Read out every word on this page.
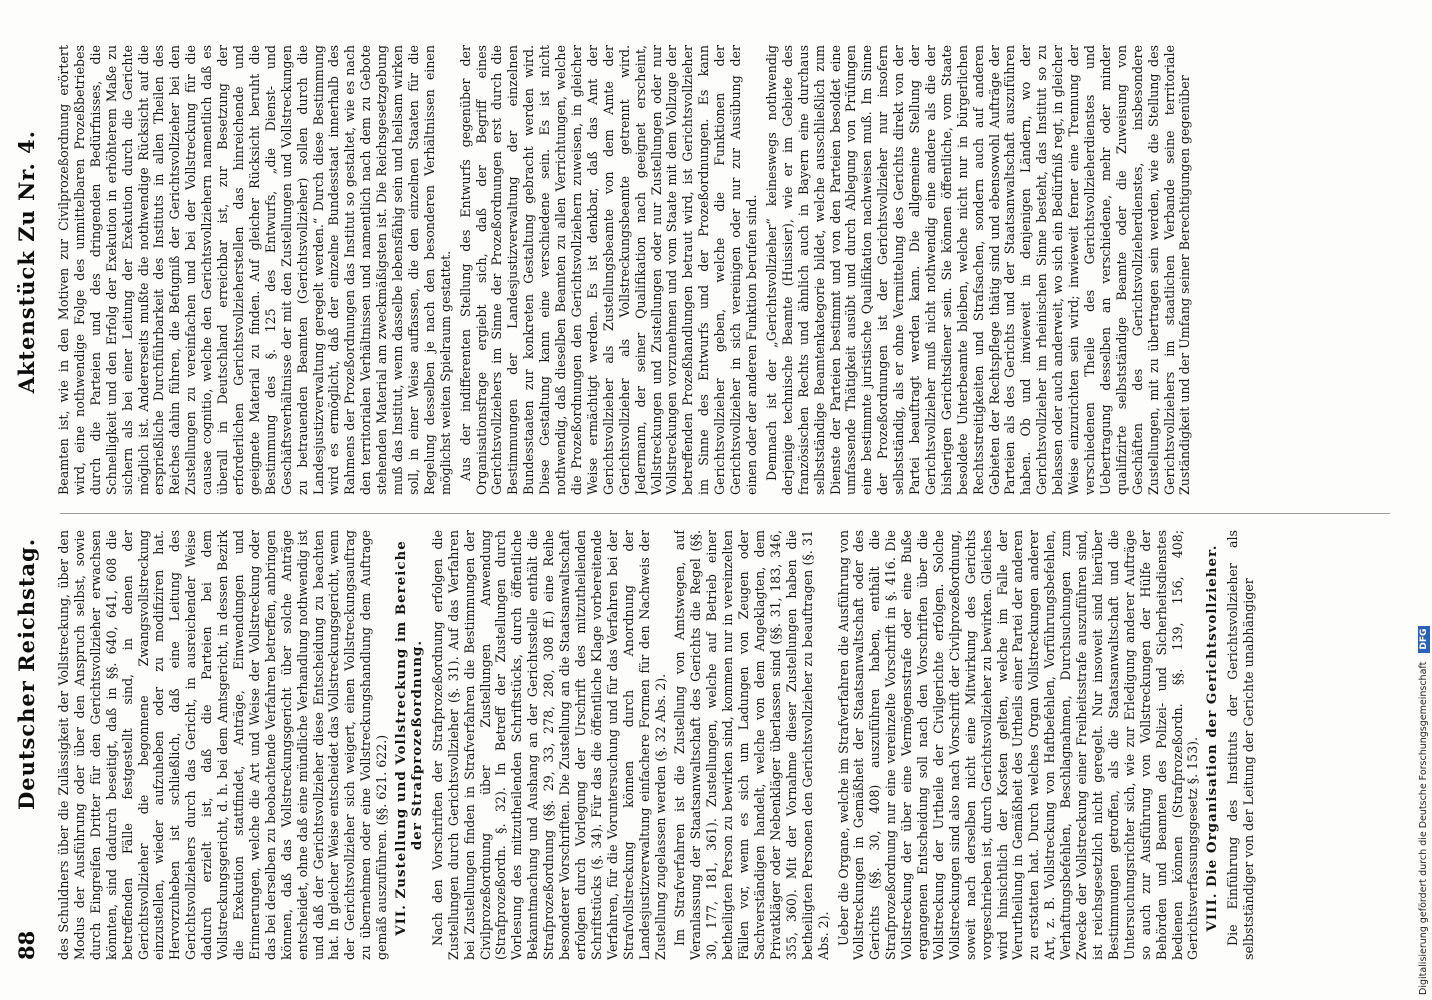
88
Deutscher Reichstag.
Aktenstück Zu Nr. 4.

des Schuldners über die Zulässigkeit der Vollstreckung, über den Modus der Ausführung oder über den Anspruch selbst, sowie durch Eingreifen Dritter für den Gerichtsvollzieher erwachsen könnten, sind dadurch beseitigt, daß in §§. 640, 641, 608 die betreffenden Fälle festgestellt sind, in denen der Gerichtsvollzieher die begonnene Zwangsvollstreckung einzustellen, wieder aufzuheben oder zu modifiziren hat. Hervorzuheben ist schließlich, daß eine Leitung des Gerichtsvollziehers durch das Gericht, in ausreichender Weise dadurch erzielt ist, daß die Parteien bei dem Vollstreckungsgericht, d. h. bei dem Amtsgericht, in dessen Bezirk die Exekution stattfindet, Anträge, Einwendungen und Erinnerungen, welche die Art und Weise der Vollstreckung oder das bei derselben zu beobachtende Verfahren betreffen, anbringen können, daß das Vollstreckungsgericht über solche Anträge entscheidet, ohne daß eine mündliche Verhandlung nothwendig ist und daß der Gerichtsvollzieher diese Entscheidung zu beachten hat. In gleicher Weise entscheidet das Vollstreckungsgericht, wenn der Gerichtsvollzieher sich weigert, einen Vollstreckungsauftrag zu übernehmen oder eine Vollstreckungshandlung dem Auftrage gemäß auszuführen. (§§. 621. 622.) VII. Zustellung und Vollstreckung im Bereiche der Strafprozeßordnung. Nach den Vorschriften der Strafprozeßordnung erfolgen die Zustellungen durch Gerichtsvollzieher (§. 31). Auf das Verfahren bei Zustellungen finden in Strafverfahren die Bestimmungen der Civilprozeßordnung über Zustellungen Anwendung (Strafprozeßordn. §. 32). In Betreff der Zustellungen durch Vorlesung des mitzutheilenden Schriftstücks, durch öffentliche Bekanntmachung und Aushang an der Gerichtsstelle enthält die Strafprozeßordnung (§§. 29, 33, 278, 280, 308 ff.) eine Reihe besonderer Vorschriften. Die Zustellung an die Staatsanwaltschaft erfolgen durch Vorlegung der Urschrift des mitzutheilenden Schriftstücks (§. 34). Für das die öffentliche Klage vorbereitende Verfahren, für die Voruntersuchung und für das Verfahren bei der Strafvollstreckung können durch Anordnung der Landesjustizverwaltung einfachere Formen für den Nachweis der Zustellung zugelassen werden (§. 32 Abs. 2). Im Strafverfahren ist die Zustellung von Amtswegen, auf Veranlassung der Staatsanwaltschaft des Gerichts die Regel (§§. 30, 177, 181, 361). Zustellungen, welche auf Betrieb einer betheiligten Person zu bewirken sind, kommen nur in vereinzelten Fällen vor, wenn es sich um Ladungen von Zeugen oder Sachverständigen handelt, welche von dem Angeklagten, dem Privatkläger oder Nebenkläger überlassen sind (§§. 31, 183, 346, 355, 360). Mit der Vornahme dieser Zustellungen haben die betheiligten Personen den Gerichtsvollzieher zu beauftragen (§. 31 Abs. 2). Ueber die Organe, welche im Strafverfahren die Ausführung von Vollstreckungen in Gemäßheit der Staatsanwaltschaft oder des Gerichts (§§. 30, 408) auszuführen haben, enthält die Strafprozeßordnung nur eine vereinzelte Vorschrift in §. 416. Die Vollstreckung der über eine Vermögensstrafe oder eine Buße ergangenen Entscheidung soll nach den Vorschriften über die Vollstreckung der Urtheile der Civilgerichte erfolgen. Solche Vollstreckungen sind also nach Vorschrift der Civilprozeßordnung, soweit nach derselben nicht eine Mitwirkung des Gerichts vorgeschrieben ist, durch Gerichtsvollzieher zu bewirken. Gleiches wird hinsichtlich der Kosten gelten, welche im Falle der Verurtheilung in Gemäßheit des Urtheils einer Partei der anderen zu erstatten hat. Durch welches Organ Vollstreckungen anderer Art, z. B. Vollstreckung von Haftbefehlen, Vorführungsbefehlen, Verhaftungsbefehlen, Beschlagnahmen, Durchsuchungen zum Zwecke der Vollstreckung einer Freiheitsstrafe auszuführen sind, ist reichsgesetzlich nicht geregelt. Nur insoweit sind hierüber Bestimmungen getroffen, als die Staatsanwaltschaft und die Untersuchungsrichter sich, wie zur Erledigung anderer Aufträge so auch zur Ausführung von Vollstreckungen der Hülfe der Behörden und Beamten des Polizei- und Sicherheitsdienstes bedienen können (Strafprozeßordn. §§. 139, 156, 408; Gerichtsverfassungsgesetz §. 153). VIII. Die Organisation der Gerichtsvollzieher. Die Einführung des Instituts der Gerichtsvollzieher als selbstständiger von der Leitung der Gerichte unabhängiger

Beamten ist, wie in den Motiven zur Civilprozeßordnung erörtert wird, eine nothwendige Folge des unmittelbaren Prozeßbetriebes durch die Parteien und des dringenden Bedürfnisses, die Schnelligkeit und den Erfolg der Exekution in erhöhterem Maße zu sichern als bei einer Leitung der Exekution durch die Gerichte möglich ist. Andererseits mußte die nothwendige Rücksicht auf die ersprießliche Durchführbarkeit des Instituts in allen Theilen des Reiches dahin führen, die Befugniß der Gerichtsvollzieher bei den Zustellungen zu vereinfachen und bei der Vollstreckung für die causae cognitio, welche den Gerichtsvollziehern namentlich daß es überall in Deutschland erreichbar ist, zur Besetzung der erforderlichen Gerichtsvollzieherstellen das hinreichende und geeignete Material zu finden. Auf gleicher Rücksicht beruht die Bestimmung des §. 125 des Entwurfs, „die Dienst- und Geschäftsverhältnisse der mit den Zustellungen und Vollstreckungen zu betrauenden Beamten (Gerichtsvollzieher) sollen durch die Landesjustizverwaltung geregelt werden.“ Durch diese Bestimmung wird es ermöglicht, daß der einzelne Bundesstaat innerhalb des Rahmens der Prozeßordnungen das Institut so gestaltet, wie es nach den territorialen Verhältnissen und namentlich nach dem zu Gebote stehenden Material am zweckmäßigsten ist. Die Reichsgesetzgebung muß das Institut, wenn dasselbe lebensfähig sein und heilsam wirken soll, in einer Weise auffassen, die den einzelnen Staaten für die Regelung desselben je nach den besonderen Verhältnissen einen möglichst weiten Spielraum gestattet. Aus der indifferenten Stellung des Entwurfs gegenüber der Organisationsfrage ergiebt sich, daß der Begriff eines Gerichtsvollziehers im Sinne der Prozeßordnungen erst durch die Bestimmungen der Landesjustizverwaltung der einzelnen Bundesstaaten zur konkreten Gestaltung gebracht werden wird. Diese Gestaltung kann eine verschiedene sein. Es ist nicht nothwendig, daß dieselben Beamten zu allen Verrichtungen, welche die Prozeßordnungen den Gerichtsvollziehern zuweisen, in gleicher Weise ermächtigt werden. Es ist denkbar, daß das Amt der Gerichtsvollzieher als Zustellungsbeamte von dem Amte der Gerichtsvollzieher als Vollstreckungsbeamte getrennt wird. Jedermann, der seiner Qualifikation nach geeignet erscheint, Vollstreckungen und Zustellungen oder nur Zustellungen oder nur Vollstreckungen vorzunehmen und vom Staate mit dem Vollzuge der betreffenden Prozeßhandlungen betraut wird, ist Gerichtsvollzieher im Sinne des Entwurfs und der Prozeßordnungen. Es kann Gerichtsvollzieher geben, welche die Funktionen der Gerichtsvollzieher in sich vereinigen oder nur zur Ausübung der einen oder der anderen Funktion berufen sind. Demnach ist der „Gerichtsvollzieher“ keineswegs nothwendig derjenige technische Beamte (Huissier), wie er im Gebiete des französischen Rechts und ähnlich auch in Bayern eine durchaus selbstständige Beamtenkategorie bildet, welche ausschließlich zum Dienste der Parteien bestimmt und von den Parteien besoldet eine umfassende Thätigkeit ausübt und durch Ablegung von Prüfungen eine bestimmte juristische Qualifikation nachweisen muß. Im Sinne der Prozeßordnungen ist der Gerichtsvollzieher nur insofern selbstständig, als er ohne Vermittelung des Gerichts direkt von der Partei beauftragt werden kann. Die allgemeine Stellung der Gerichtsvollzieher muß nicht nothwendig eine andere als die der bisherigen Gerichtsdiener sein. Sie können öffentliche, vom Staate besoldete Unterbeamte bleiben, welche nicht nur in bürgerlichen Rechtsstreitigkeiten und Strafsachen, sondern auch auf anderen Gebieten der Rechtspflege thätig sind und ebensowohl Aufträge der Parteien als des Gerichts und der Staatsanwaltschaft auszuführen haben. Ob und inwieweit in denjenigen Ländern, wo der Gerichtsvollzieher im rheinischen Sinne besteht, das Institut so zu belassen oder auch anderweit, wo sich ein Bedürfniß regt, in gleicher Weise einzurichten sein wird; inwieweit ferner eine Trennung der verschiedenen Theile des Gerichtsvollzieherdienstes und Uebertragung desselben an verschiedene, mehr oder minder qualifizirte selbstständige Beamte oder die Zuweisung von Geschäften des Gerichtsvollzieherdienstes, insbesondere Zustellungen, mit zu übertragen sein werden, wie die Stellung des Gerichtsvollziehers im staatlichen Verbande seine territoriale Zuständigkeit und der Umfang seiner Berechtigungen gegenüber

Digitalisierung gefördert durch die Deutsche Forschungsgemeinschaft DFG
